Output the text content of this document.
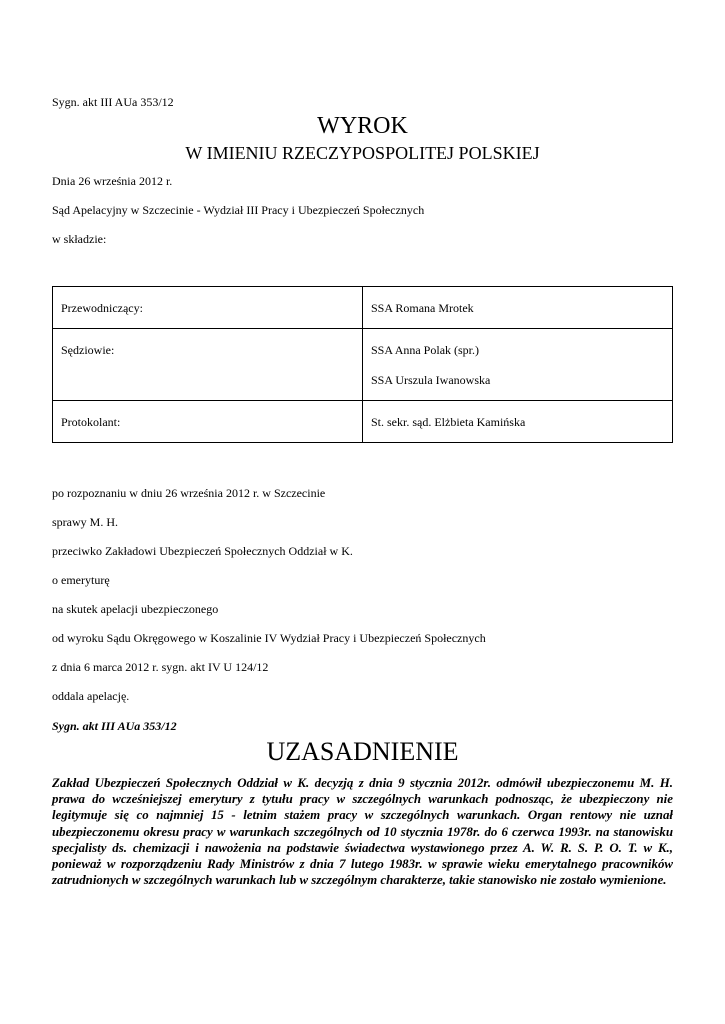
Sygn. akt III AUa 353/12
WYROK
W IMIENIU RZECZYPOSPOLITEJ POLSKIEJ
Dnia 26 września 2012 r.
Sąd Apelacyjny w Szczecinie - Wydział III Pracy i Ubezpieczeń Społecznych
w składzie:
Przewodniczący:	SSA Romana Mrotek

Sędziowie:	SSA Anna Polak (spr.)
SSA Urszula Iwanowska

Protokolant:	St. sekr. sąd. Elżbieta Kamińska
po rozpoznaniu w dniu 26 września 2012 r. w Szczecinie
sprawy M. H.
przeciwko Zakładowi Ubezpieczeń Społecznych Oddział w K.
o emeryturę
na skutek apelacji ubezpieczonego
od wyroku Sądu Okręgowego w Koszalinie IV Wydział Pracy i Ubezpieczeń Społecznych
z dnia 6 marca 2012 r. sygn. akt IV U 124/12
oddala apelację.
Sygn. akt III AUa 353/12
UZASADNIENIE
Zakład Ubezpieczeń Społecznych Oddział w K. decyzją z dnia 9 stycznia 2012r. odmówił ubezpieczonemu M. H. prawa do wcześniejszej emerytury z tytułu pracy w szczególnych warunkach podnosząc, że ubezpieczony nie legitymuje się co najmniej 15 - letnim stażem pracy w szczególnych warunkach. Organ rentowy nie uznał ubezpieczonemu okresu pracy w warunkach szczególnych od 10 stycznia 1978r. do 6 czerwca 1993r. na stanowisku specjalisty ds. chemizacji i nawożenia na podstawie świadectwa wystawionego przez A. W. R. S. P. O. T. w K., ponieważ w rozporządzeniu Rady Ministrów z dnia 7 lutego 1983r. w sprawie wieku emerytalnego pracowników zatrudnionych w szczególnych warunkach lub w szczególnym charakterze, takie stanowisko nie zostało wymienione.
